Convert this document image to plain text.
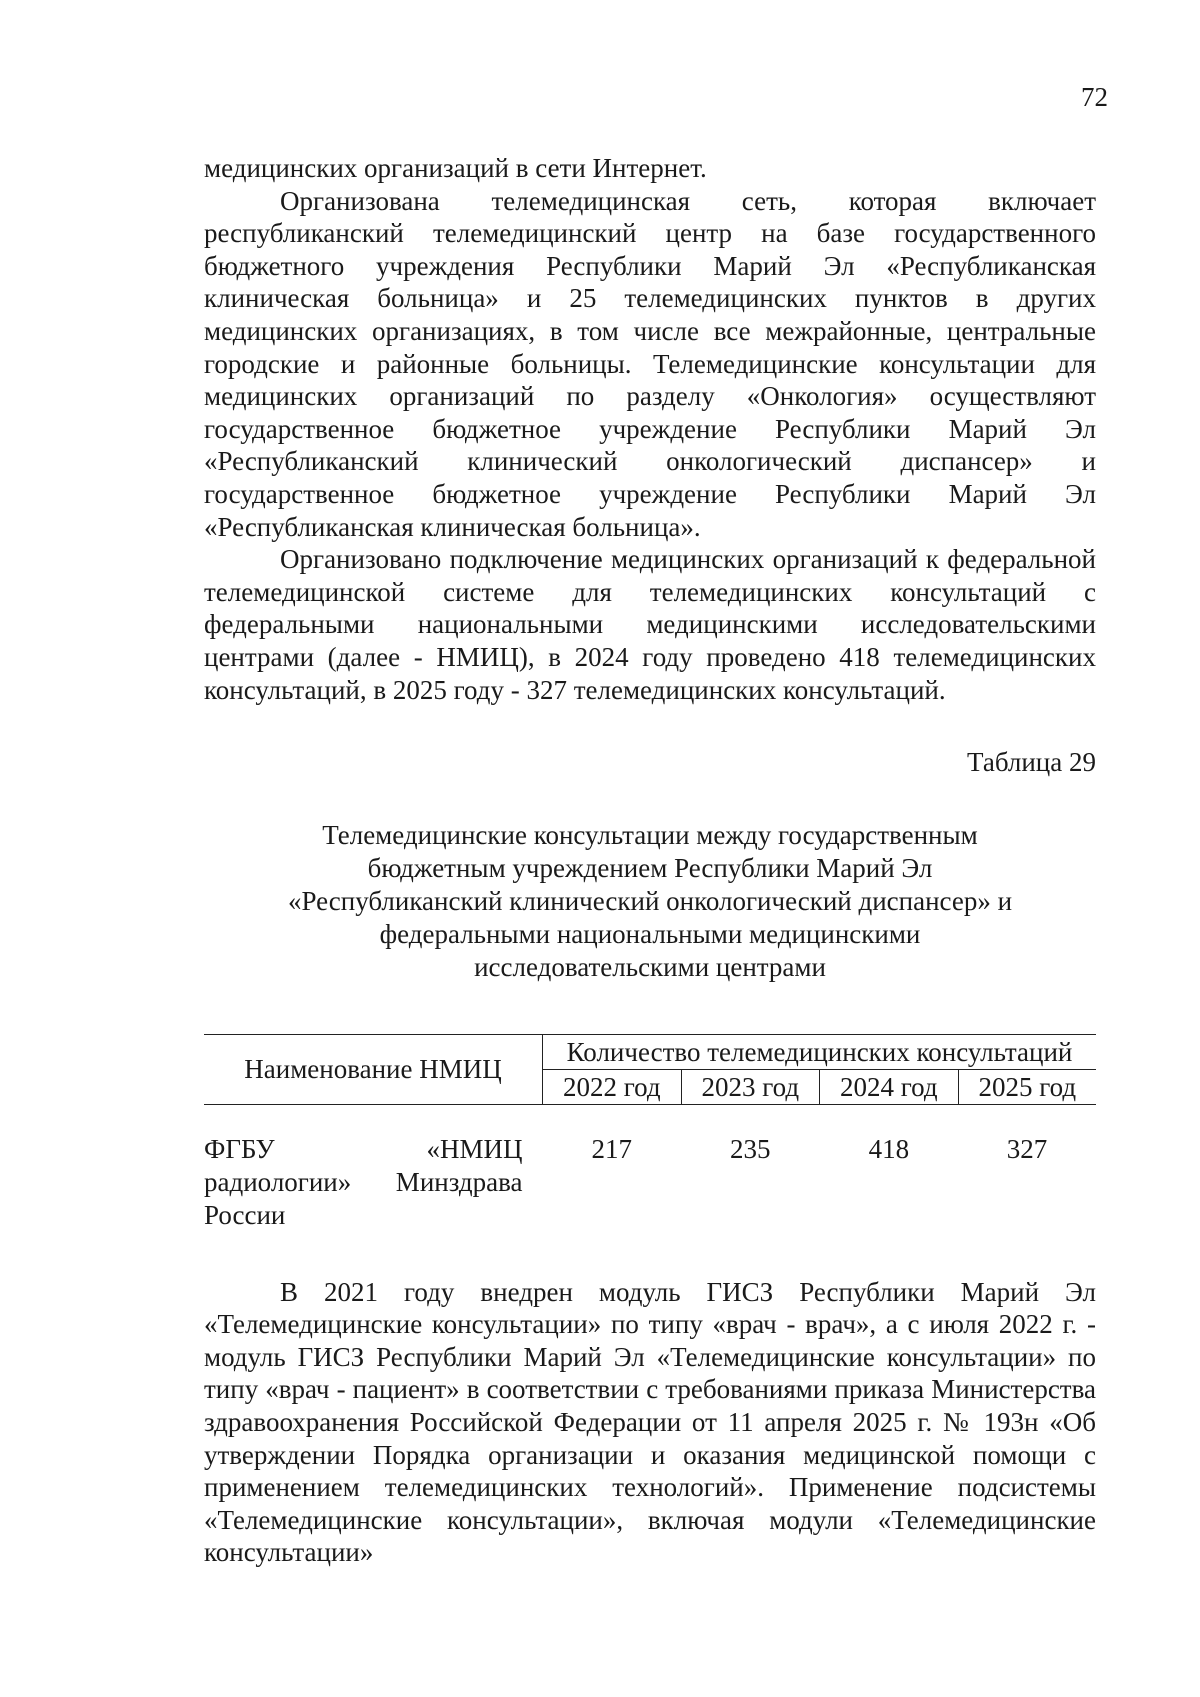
72

медицинских организаций в сети Интернет.

Организована телемедицинская сеть, которая включает республиканский телемедицинский центр на базе государственного бюджетного учреждения Республики Марий Эл «Республиканская клиническая больница» и 25 телемедицинских пунктов в других медицинских организациях, в том числе все межрайонные, центральные городские и районные больницы. Телемедицинские консультации для медицинских организаций по разделу «Онкология» осуществляют государственное бюджетное учреждение Республики Марий Эл «Республиканский клинический онкологический диспансер» и государственное бюджетное учреждение Республики Марий Эл «Республиканская клиническая больница».

Организовано подключение медицинских организаций к федеральной телемедицинской системе для телемедицинских консультаций с федеральными национальными медицинскими исследовательскими центрами (далее - НМИЦ), в 2024 году проведено 418 телемедицинских консультаций, в 2025 году - 327 телемедицинских консультаций.

Таблица 29
Телемедицинские консультации между государственным бюджетным учреждением Республики Марий Эл «Республиканский клинический онкологический диспансер» и федеральными национальными медицинскими исследовательскими центрами
Наименование НМИЦ	Количество телемедицинских консультаций			
	2022 год	2023 год	2024 год	2025 год

ФГБУ «НМИЦ радиологии» Минздрава России	217	235	418	327

В 2021 году внедрен модуль ГИСЗ Республики Марий Эл «Телемедицинские консультации» по типу «врач - врач», а с июля 2022 г. - модуль ГИСЗ Республики Марий Эл «Телемедицинские консультации» по типу «врач - пациент» в соответствии с требованиями приказа Министерства здравоохранения Российской Федерации от 11 апреля 2025 г. № 193н «Об утверждении Порядка организации и оказания медицинской помощи с применением телемедицинских технологий». Применение подсистемы «Телемедицинские консультации», включая модули «Телемедицинские консультации»
